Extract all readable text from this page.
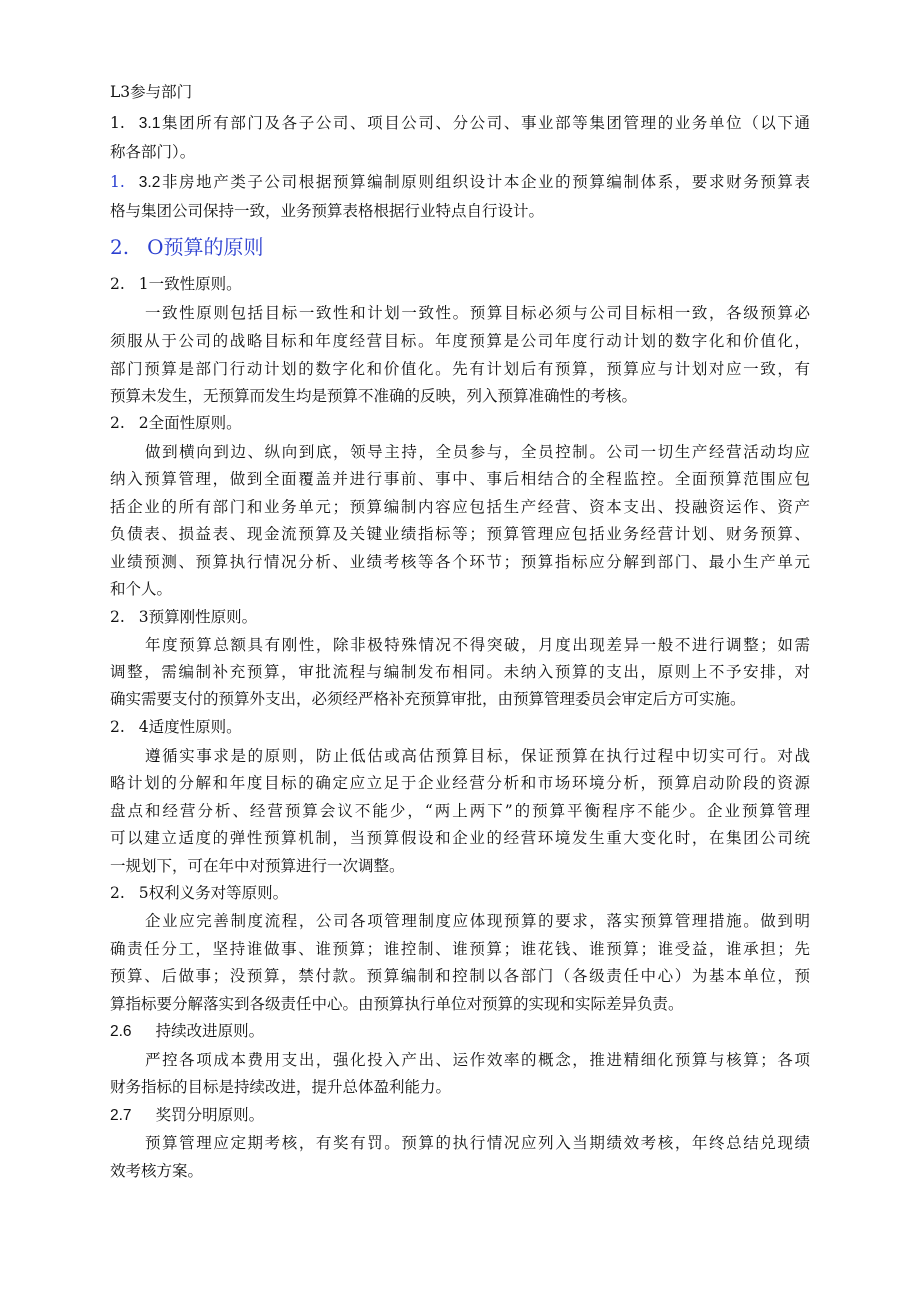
L3参与部门
1. 3.1集团所有部门及各子公司、项目公司、分公司、事业部等集团管理的业务单位（以下通
称各部门）。
1. 3.2非房地产类子公司根据预算编制原则组织设计本企业的预算编制体系，要求财务预算表
格与集团公司保持一致，业务预算表格根据行业特点自行设计。
2. O预算的原则
2. 1一致性原则。
一致性原则包括目标一致性和计划一致性。预算目标必须与公司目标相一致，各级预算必
须服从于公司的战略目标和年度经营目标。年度预算是公司年度行动计划的数字化和价值化，
部门预算是部门行动计划的数字化和价值化。先有计划后有预算，预算应与计划对应一致，有
预算未发生，无预算而发生均是预算不准确的反映，列入预算准确性的考核。
2. 2全面性原则。
做到横向到边、纵向到底，领导主持，全员参与，全员控制。公司一切生产经营活动均应
纳入预算管理，做到全面覆盖并进行事前、事中、事后相结合的全程监控。全面预算范围应包
括企业的所有部门和业务单元；预算编制内容应包括生产经营、资本支出、投融资运作、资产
负债表、损益表、现金流预算及关键业绩指标等；预算管理应包括业务经营计划、财务预算、
业绩预测、预算执行情况分析、业绩考核等各个环节；预算指标应分解到部门、最小生产单元
和个人。
2. 3预算刚性原则。
年度预算总额具有刚性，除非极特殊情况不得突破，月度出现差异一般不进行调整；如需
调整，需编制补充预算，审批流程与编制发布相同。未纳入预算的支出，原则上不予安排，对
确实需要支付的预算外支出，必须经严格补充预算审批，由预算管理委员会审定后方可实施。
2. 4适度性原则。
遵循实事求是的原则，防止低估或高估预算目标，保证预算在执行过程中切实可行。对战
略计划的分解和年度目标的确定应立足于企业经营分析和市场环境分析，预算启动阶段的资源
盘点和经营分析、经营预算会议不能少，“两上两下”的预算平衡程序不能少。企业预算管理
可以建立适度的弹性预算机制，当预算假设和企业的经营环境发生重大变化时，在集团公司统
一规划下，可在年中对预算进行一次调整。
2. 5权利义务对等原则。
企业应完善制度流程，公司各项管理制度应体现预算的要求，落实预算管理措施。做到明
确责任分工，坚持谁做事、谁预算；谁控制、谁预算；谁花钱、谁预算；谁受益，谁承担；先
预算、后做事；没预算，禁付款。预算编制和控制以各部门（各级责任中心）为基本单位，预
算指标要分解落实到各级责任中心。由预算执行单位对预算的实现和实际差异负责。
2.6 持续改进原则。
严控各项成本费用支出，强化投入产出、运作效率的概念，推进精细化预算与核算；各项
财务指标的目标是持续改进，提升总体盈利能力。
2.7 奖罚分明原则。
预算管理应定期考核，有奖有罚。预算的执行情况应列入当期绩效考核，年终总结兑现绩
效考核方案。
